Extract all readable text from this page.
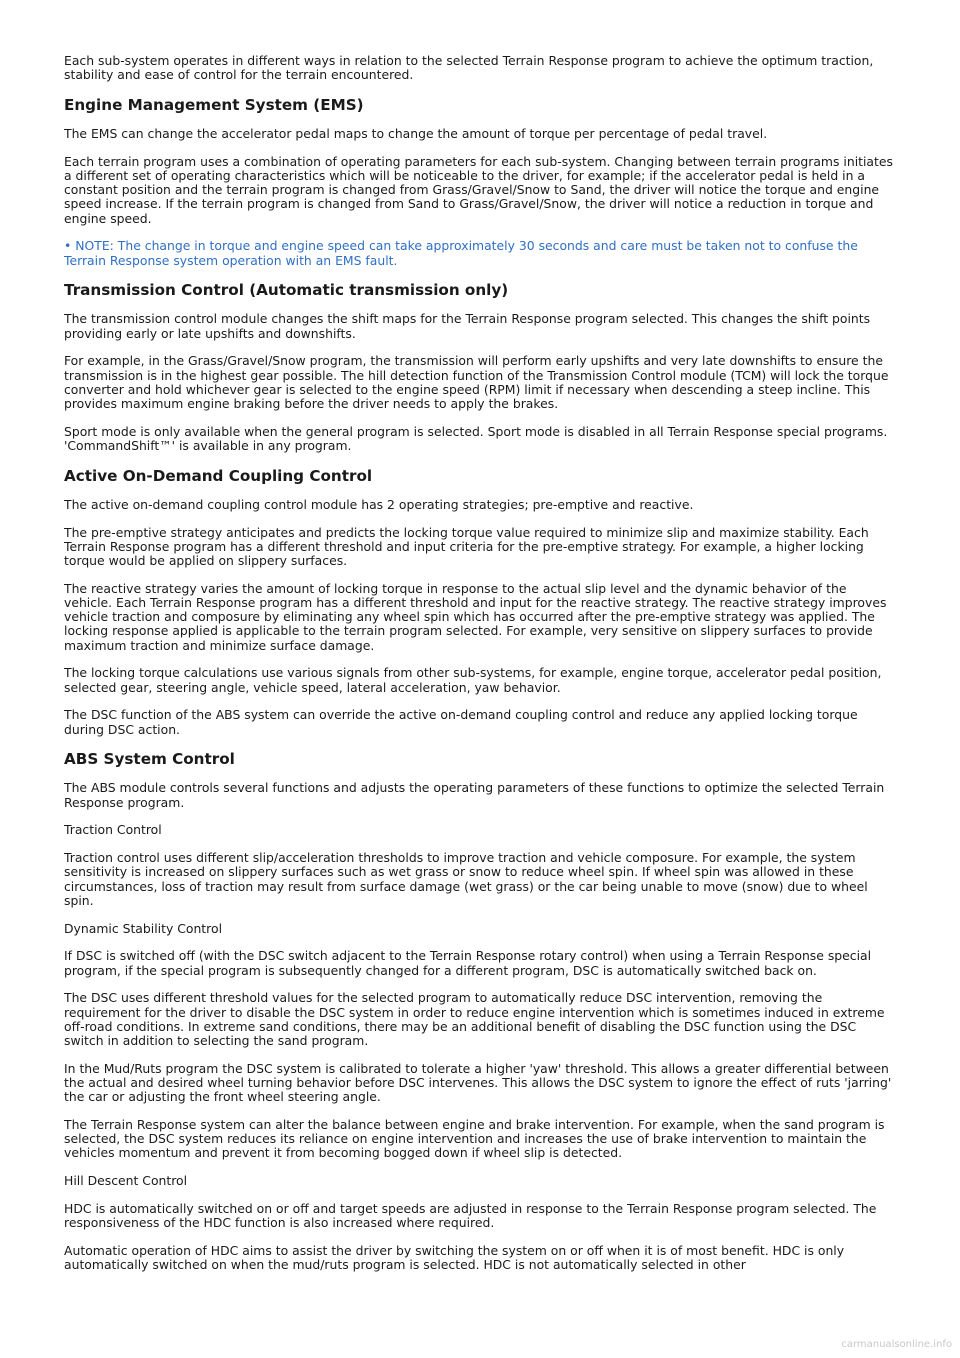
Each sub-system operates in different ways in relation to the selected Terrain Response program to achieve the optimum traction, stability and ease of control for the terrain encountered.
Engine Management System (EMS)
The EMS can change the accelerator pedal maps to change the amount of torque per percentage of pedal travel.
Each terrain program uses a combination of operating parameters for each sub-system. Changing between terrain programs initiates a different set of operating characteristics which will be noticeable to the driver, for example; if the accelerator pedal is held in a constant position and the terrain program is changed from Grass/Gravel/Snow to Sand, the driver will notice the torque and engine speed increase. If the terrain program is changed from Sand to Grass/Gravel/Snow, the driver will notice a reduction in torque and engine speed.
• NOTE: The change in torque and engine speed can take approximately 30 seconds and care must be taken not to confuse the Terrain Response system operation with an EMS fault.
Transmission Control (Automatic transmission only)
The transmission control module changes the shift maps for the Terrain Response program selected. This changes the shift points providing early or late upshifts and downshifts.
For example, in the Grass/Gravel/Snow program, the transmission will perform early upshifts and very late downshifts to ensure the transmission is in the highest gear possible. The hill detection function of the Transmission Control module (TCM) will lock the torque converter and hold whichever gear is selected to the engine speed (RPM) limit if necessary when descending a steep incline. This provides maximum engine braking before the driver needs to apply the brakes.
Sport mode is only available when the general program is selected. Sport mode is disabled in all Terrain Response special programs. 'CommandShift™' is available in any program.
Active On-Demand Coupling Control
The active on-demand coupling control module has 2 operating strategies; pre-emptive and reactive.
The pre-emptive strategy anticipates and predicts the locking torque value required to minimize slip and maximize stability. Each Terrain Response program has a different threshold and input criteria for the pre-emptive strategy. For example, a higher locking torque would be applied on slippery surfaces.
The reactive strategy varies the amount of locking torque in response to the actual slip level and the dynamic behavior of the vehicle. Each Terrain Response program has a different threshold and input for the reactive strategy. The reactive strategy improves vehicle traction and composure by eliminating any wheel spin which has occurred after the pre-emptive strategy was applied. The locking response applied is applicable to the terrain program selected. For example, very sensitive on slippery surfaces to provide maximum traction and minimize surface damage.
The locking torque calculations use various signals from other sub-systems, for example, engine torque, accelerator pedal position, selected gear, steering angle, vehicle speed, lateral acceleration, yaw behavior.
The DSC function of the ABS system can override the active on-demand coupling control and reduce any applied locking torque during DSC action.
ABS System Control
The ABS module controls several functions and adjusts the operating parameters of these functions to optimize the selected Terrain Response program.
Traction Control
Traction control uses different slip/acceleration thresholds to improve traction and vehicle composure. For example, the system sensitivity is increased on slippery surfaces such as wet grass or snow to reduce wheel spin. If wheel spin was allowed in these circumstances, loss of traction may result from surface damage (wet grass) or the car being unable to move (snow) due to wheel spin.
Dynamic Stability Control
If DSC is switched off (with the DSC switch adjacent to the Terrain Response rotary control) when using a Terrain Response special program, if the special program is subsequently changed for a different program, DSC is automatically switched back on.
The DSC uses different threshold values for the selected program to automatically reduce DSC intervention, removing the requirement for the driver to disable the DSC system in order to reduce engine intervention which is sometimes induced in extreme off-road conditions. In extreme sand conditions, there may be an additional benefit of disabling the DSC function using the DSC switch in addition to selecting the sand program.
In the Mud/Ruts program the DSC system is calibrated to tolerate a higher 'yaw' threshold. This allows a greater differential between the actual and desired wheel turning behavior before DSC intervenes. This allows the DSC system to ignore the effect of ruts 'jarring' the car or adjusting the front wheel steering angle.
The Terrain Response system can alter the balance between engine and brake intervention. For example, when the sand program is selected, the DSC system reduces its reliance on engine intervention and increases the use of brake intervention to maintain the vehicles momentum and prevent it from becoming bogged down if wheel slip is detected.
Hill Descent Control
HDC is automatically switched on or off and target speeds are adjusted in response to the Terrain Response program selected. The responsiveness of the HDC function is also increased where required.
Automatic operation of HDC aims to assist the driver by switching the system on or off when it is of most benefit. HDC is only automatically switched on when the mud/ruts program is selected. HDC is not automatically selected in other
carmanualsonline.info
